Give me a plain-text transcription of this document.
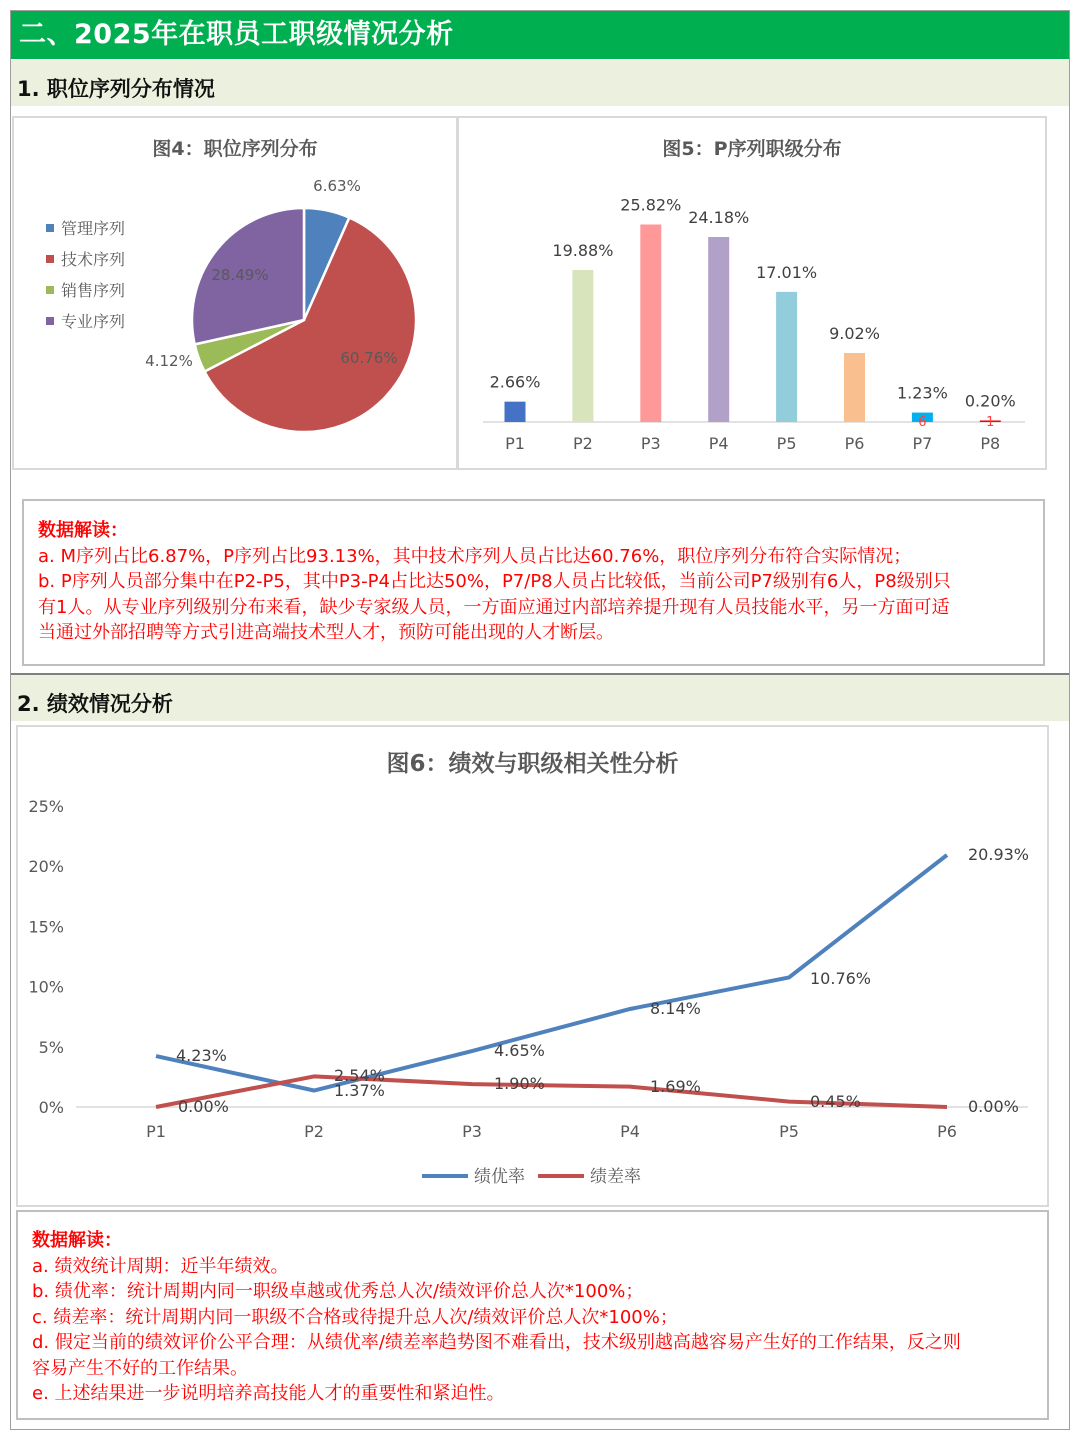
二、2025年在职员工职级情况分析
1. 职位序列分布情况
图4：职位序列分布
6.63%
60.76%
4.12%
28.49%
管理序列
技术序列
销售序列
专业序列
图5：P序列职级分布
2.66%
P1
19.88%
P2
25.82%
P3
24.18%
P4
17.01%
P5
9.02%
P6
1.23%
P7
6
0.20%
P8
1
数据解读：
a. M序列占比6.87%，P序列占比93.13%，其中技术序列人员占比达60.76%，职位序列分布符合实际情况；
b. P序列人员部分集中在P2-P5，其中P3-P4占比达50%，P7/P8人员占比较低，当前公司P7级别有6人，P8级别只
有1人。从专业序列级别分布来看，缺少专家级人员，一方面应通过内部培养提升现有人员技能水平，另一方面可适
当通过外部招聘等方式引进高端技术型人才，预防可能出现的人才断层。
2. 绩效情况分析
图6：绩效与职级相关性分析
0%
5%
10%
15%
20%
25%
P1	P2	P3	P4	P5	P6
4.23%
1.37%
4.65%
8.14%
10.76%
20.93%
0.00%
2.54%	1.90%	1.69%
0.45%	0.00%
绩优率	绩差率
数据解读：
a. 绩效统计周期：近半年绩效。
b. 绩优率：统计周期内同一职级卓越或优秀总人次/绩效评价总人次*100%；
c. 绩差率：统计周期内同一职级不合格或待提升总人次/绩效评价总人次*100%；
d. 假定当前的绩效评价公平合理：从绩优率/绩差率趋势图不难看出，技术级别越高越容易产生好的工作结果，反之则
容易产生不好的工作结果。
e. 上述结果进一步说明培养高技能人才的重要性和紧迫性。
